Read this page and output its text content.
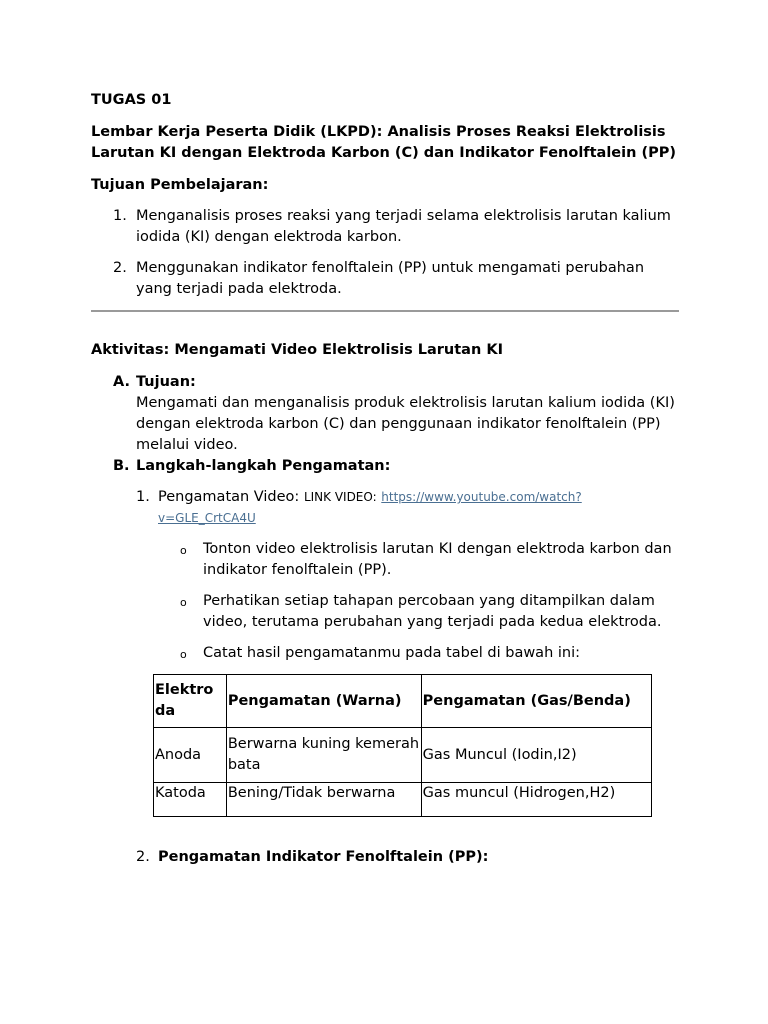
TUGAS 01

Lembar Kerja Peserta Didik (LKPD): Analisis Proses Reaksi Elektrolisis Larutan KI dengan Elektroda Karbon (C) dan Indikator Fenolftalein (PP)

Tujuan Pembelajaran:

1. Menganalisis proses reaksi yang terjadi selama elektrolisis larutan kalium iodida (KI) dengan elektroda karbon.
2. Menggunakan indikator fenolftalein (PP) untuk mengamati perubahan yang terjadi pada elektroda.

Aktivitas: Mengamati Video Elektrolisis Larutan KI

A. Tujuan:

Mengamati dan menganalisis produk elektrolisis larutan kalium iodida (KI) dengan elektroda karbon (C) dan penggunaan indikator fenolftalein (PP) melalui video.

B. Langkah-langkah Pengamatan:

1. Pengamatan Video: LINK VIDEO: https://www.youtube.com/watch?
v=GLE_CrtCA4U
o Tonton video elektrolisis larutan KI dengan elektroda karbon dan indikator fenolftalein (PP).
o Perhatikan setiap tahapan percobaan yang ditampilkan dalam video, terutama perubahan yang terjadi pada kedua elektroda.
o Catat hasil pengamatanmu pada tabel di bawah ini:
Elektro da	Pengamatan (Warna)	Pengamatan (Gas/Benda)
Anoda	Berwarna kuning kemerah bata	Gas Muncul (Iodin,I2)
Katoda	Bening/Tidak berwarna	Gas muncul (Hidrogen,H2)
2. Pengamatan Indikator Fenolftalein (PP):
